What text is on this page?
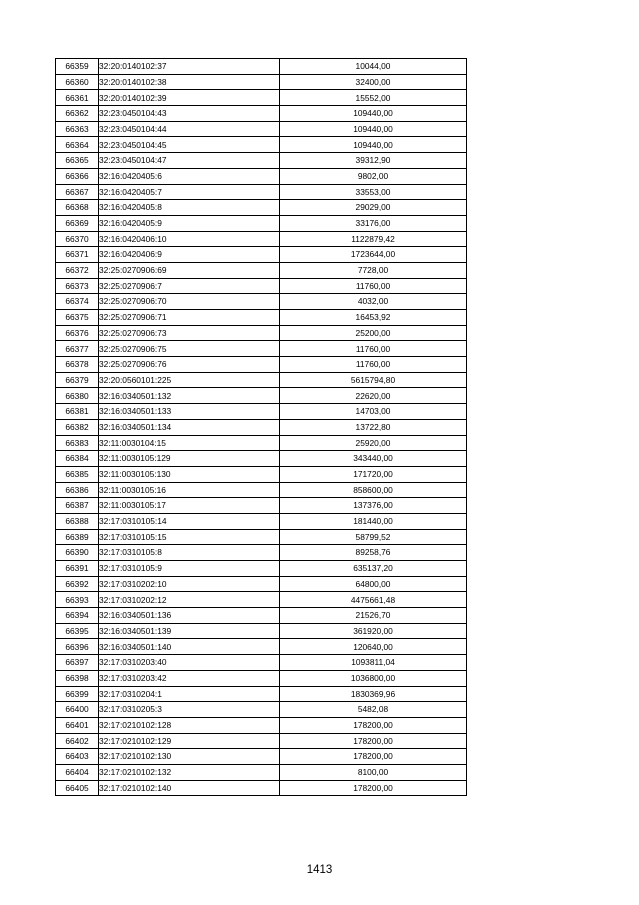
66359	32:20:0140102:37	10044,00
66360	32:20:0140102:38	32400,00
66361	32:20:0140102:39	15552,00
66362	32:23:0450104:43	109440,00
66363	32:23:0450104:44	109440,00
66364	32:23:0450104:45	109440,00
66365	32:23:0450104:47	39312,90
66366	32:16:0420405:6	9802,00
66367	32:16:0420405:7	33553,00
66368	32:16:0420405:8	29029,00
66369	32:16:0420405:9	33176,00
66370	32:16:0420406:10	1122879,42
66371	32:16:0420406:9	1723644,00
66372	32:25:0270906:69	7728,00
66373	32:25:0270906:7	11760,00
66374	32:25:0270906:70	4032,00
66375	32:25:0270906:71	16453,92
66376	32:25:0270906:73	25200,00
66377	32:25:0270906:75	11760,00
66378	32:25:0270906:76	11760,00
66379	32:20:0560101:225	5615794,80
66380	32:16:0340501:132	22620,00
66381	32:16:0340501:133	14703,00
66382	32:16:0340501:134	13722,80
66383	32:11:0030104:15	25920,00
66384	32:11:0030105:129	343440,00
66385	32:11:0030105:130	171720,00
66386	32:11:0030105:16	858600,00
66387	32:11:0030105:17	137376,00
66388	32:17:0310105:14	181440,00
66389	32:17:0310105:15	58799,52
66390	32:17:0310105:8	89258,76
66391	32:17:0310105:9	635137,20
66392	32:17:0310202:10	64800,00
66393	32:17:0310202:12	4475661,48
66394	32:16:0340501:136	21526,70
66395	32:16:0340501:139	361920,00
66396	32:16:0340501:140	120640,00
66397	32:17:0310203:40	1093811,04
66398	32:17:0310203:42	1036800,00
66399	32:17:0310204:1	1830369,96
66400	32:17:0310205:3	5482,08
66401	32:17:0210102:128	178200,00
66402	32:17:0210102:129	178200,00
66403	32:17:0210102:130	178200,00
66404	32:17:0210102:132	8100,00
66405	32:17:0210102:140	178200,00
1413
